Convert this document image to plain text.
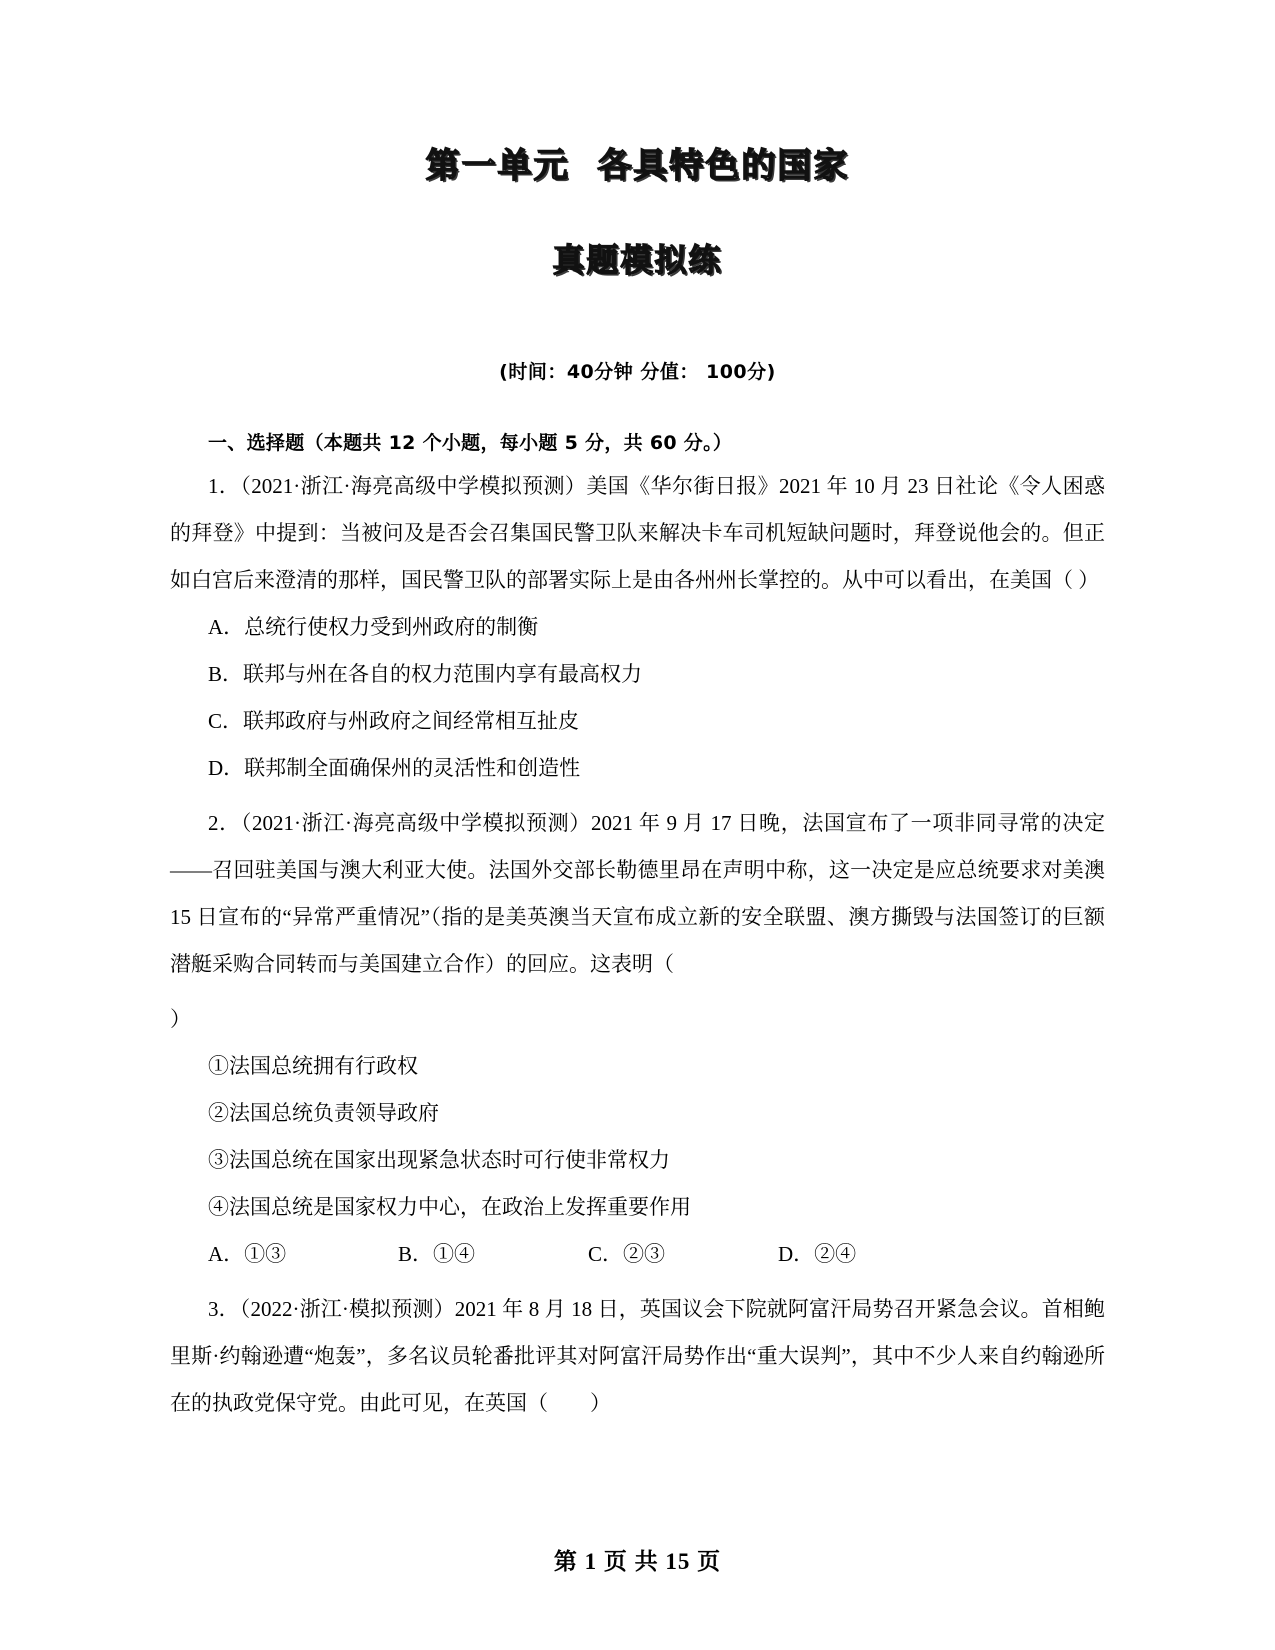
第一单元  各具特色的国家
真题模拟练

(时间：40分钟 分值： 100分)

一、选择题（本题共 12 个小题，每小题 5 分，共 60 分。）

1．（2021·浙江·海亮高级中学模拟预测）美国《华尔街日报》2021 年 10 月 23 日社论《令人困惑的拜登》中提到：当被问及是否会召集国民警卫队来解决卡车司机短缺问题时，拜登说他会的。但正如白宫后来澄清的那样，国民警卫队的部署实际上是由各州州长掌控的。从中可以看出，在美国（ ）

A．总统行使权力受到州政府的制衡

B．联邦与州在各自的权力范围内享有最高权力

C．联邦政府与州政府之间经常相互扯皮

D．联邦制全面确保州的灵活性和创造性

2．（2021·浙江·海亮高级中学模拟预测）2021 年 9 月 17 日晚，法国宣布了一项非同寻常的决定——召回驻美国与澳大利亚大使。法国外交部长勒德里昂在声明中称，这一决定是应总统要求对美澳 15 日宣布的“异常严重情况”（指的是美英澳当天宣布成立新的安全联盟、澳方撕毁与法国签订的巨额潜艇采购合同转而与美国建立合作）的回应。这表明（

）

①法国总统拥有行政权

②法国总统负责领导政府

③法国总统在国家出现紧急状态时可行使非常权力

④法国总统是国家权力中心，在政治上发挥重要作用

A．①③	B．①④	C．②③	D．②④

3．（2022·浙江·模拟预测）2021 年 8 月 18 日，英国议会下院就阿富汗局势召开紧急会议。首相鲍里斯·约翰逊遭“炮轰”，多名议员轮番批评其对阿富汗局势作出“重大误判”，其中不少人来自约翰逊所在的执政党保守党。由此可见，在英国（　　）

第 1 页 共 15 页
